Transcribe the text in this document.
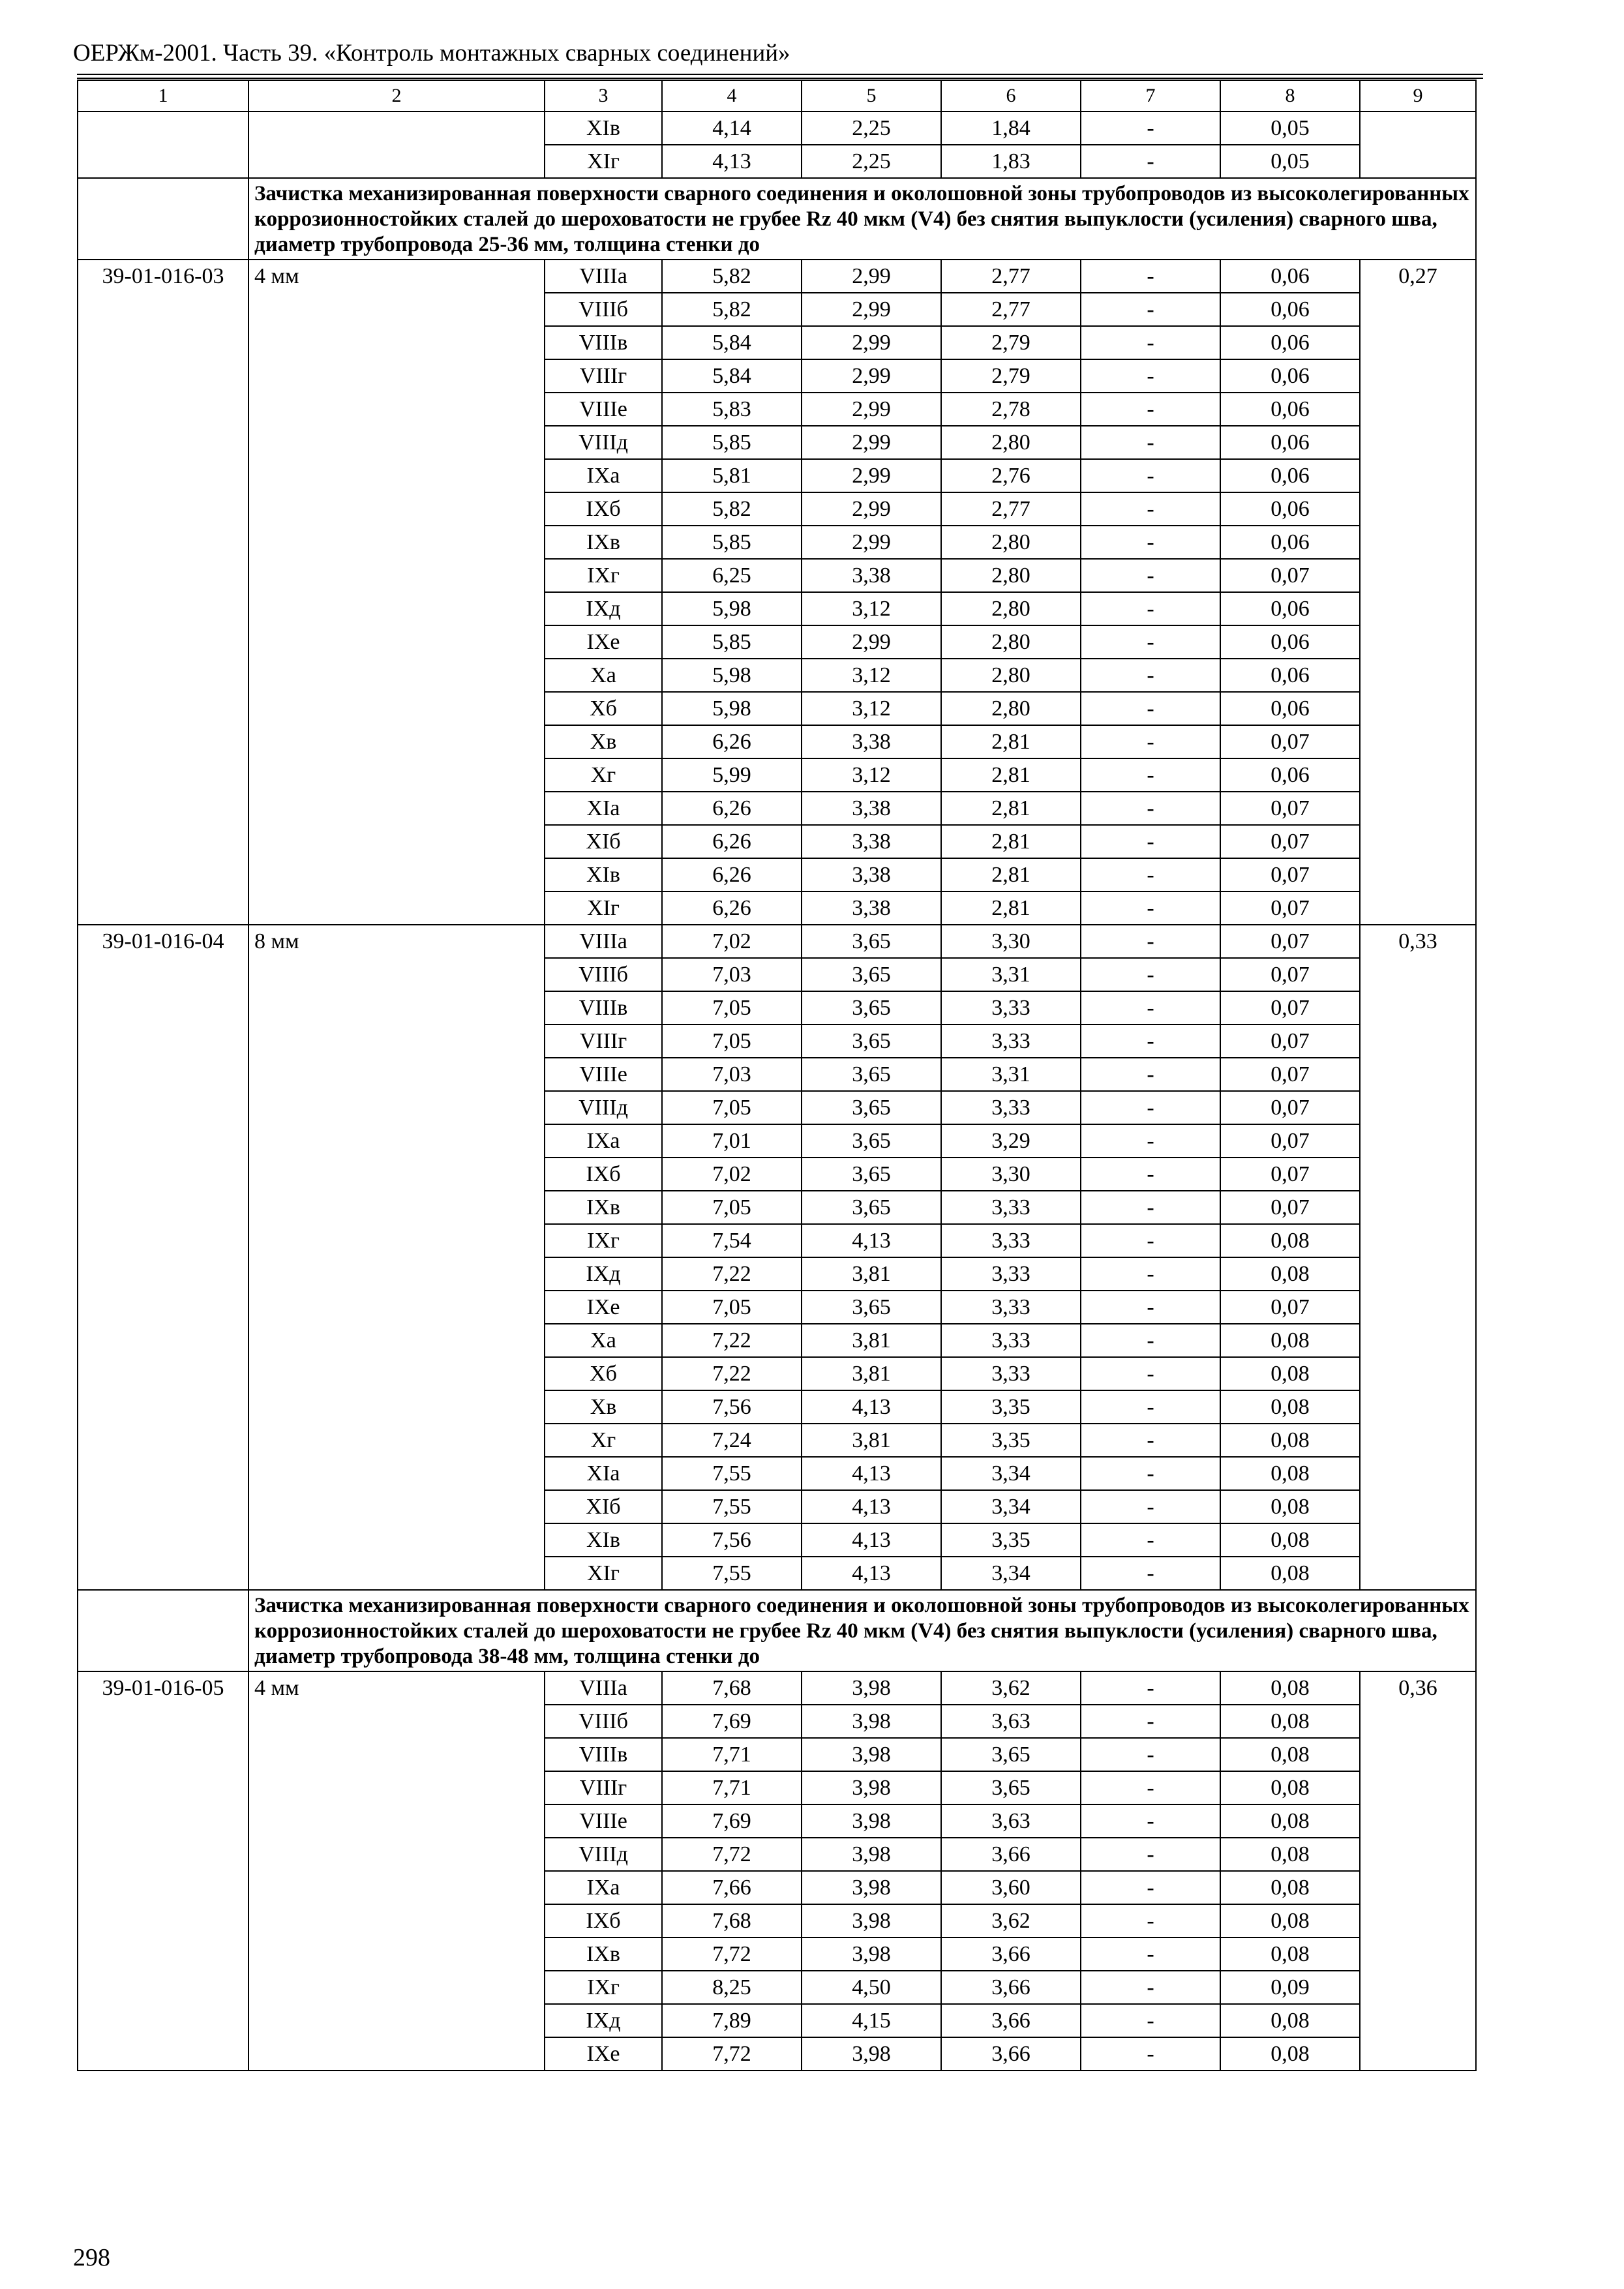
ОЕРЖм-2001. Часть 39. «Контроль монтажных сварных соединений»
1	2	3	4	5	6	7	8	9
		ХIв	4,14	2,25	1,84	-	0,05	
		ХIг	4,13	2,25	1,83	-	0,05	
	Зачистка механизированная поверхности сварного соединения и околошовной зоны трубопроводов из высоколегированных коррозионностойких сталей до шероховатости не грубее Rz 40 мкм (V4) без снятия выпуклости (усиления) сварного шва, диаметр трубопровода 25-36 мм, толщина стенки до							
39-01-016-03	4 мм	VIIIа	5,82	2,99	2,77	-	0,06	0,27
		VIIIб	5,82	2,99	2,77	-	0,06	
		VIIIв	5,84	2,99	2,79	-	0,06	
		VIIIг	5,84	2,99	2,79	-	0,06	
		VIIIе	5,83	2,99	2,78	-	0,06	
		VIIIд	5,85	2,99	2,80	-	0,06	
		IХа	5,81	2,99	2,76	-	0,06	
		IХб	5,82	2,99	2,77	-	0,06	
		IХв	5,85	2,99	2,80	-	0,06	
		IХг	6,25	3,38	2,80	-	0,07	
		IХд	5,98	3,12	2,80	-	0,06	
		IХе	5,85	2,99	2,80	-	0,06	
		Ха	5,98	3,12	2,80	-	0,06	
		Хб	5,98	3,12	2,80	-	0,06	
		Хв	6,26	3,38	2,81	-	0,07	
		Хг	5,99	3,12	2,81	-	0,06	
		ХIа	6,26	3,38	2,81	-	0,07	
		ХIб	6,26	3,38	2,81	-	0,07	
		ХIв	6,26	3,38	2,81	-	0,07	
		ХIг	6,26	3,38	2,81	-	0,07	
39-01-016-04	8 мм	VIIIа	7,02	3,65	3,30	-	0,07	0,33
		VIIIб	7,03	3,65	3,31	-	0,07	
		VIIIв	7,05	3,65	3,33	-	0,07	
		VIIIг	7,05	3,65	3,33	-	0,07	
		VIIIе	7,03	3,65	3,31	-	0,07	
		VIIIд	7,05	3,65	3,33	-	0,07	
		IХа	7,01	3,65	3,29	-	0,07	
		IХб	7,02	3,65	3,30	-	0,07	
		IХв	7,05	3,65	3,33	-	0,07	
		IХг	7,54	4,13	3,33	-	0,08	
		IХд	7,22	3,81	3,33	-	0,08	
		IХе	7,05	3,65	3,33	-	0,07	
		Ха	7,22	3,81	3,33	-	0,08	
		Хб	7,22	3,81	3,33	-	0,08	
		Хв	7,56	4,13	3,35	-	0,08	
		Хг	7,24	3,81	3,35	-	0,08	
		ХIа	7,55	4,13	3,34	-	0,08	
		ХIб	7,55	4,13	3,34	-	0,08	
		ХIв	7,56	4,13	3,35	-	0,08	
		ХIг	7,55	4,13	3,34	-	0,08	
	Зачистка механизированная поверхности сварного соединения и околошовной зоны трубопроводов из высоколегированных коррозионностойких сталей до шероховатости не грубее Rz 40 мкм (V4) без снятия выпуклости (усиления) сварного шва, диаметр трубопровода 38-48 мм, толщина стенки до							
39-01-016-05	4 мм	VIIIа	7,68	3,98	3,62	-	0,08	0,36
		VIIIб	7,69	3,98	3,63	-	0,08	
		VIIIв	7,71	3,98	3,65	-	0,08	
		VIIIг	7,71	3,98	3,65	-	0,08	
		VIIIе	7,69	3,98	3,63	-	0,08	
		VIIIд	7,72	3,98	3,66	-	0,08	
		IХа	7,66	3,98	3,60	-	0,08	
		IХб	7,68	3,98	3,62	-	0,08	
		IХв	7,72	3,98	3,66	-	0,08	
		IХг	8,25	4,50	3,66	-	0,09	
		IХд	7,89	4,15	3,66	-	0,08	
		IХе	7,72	3,98	3,66	-	0,08	
298
